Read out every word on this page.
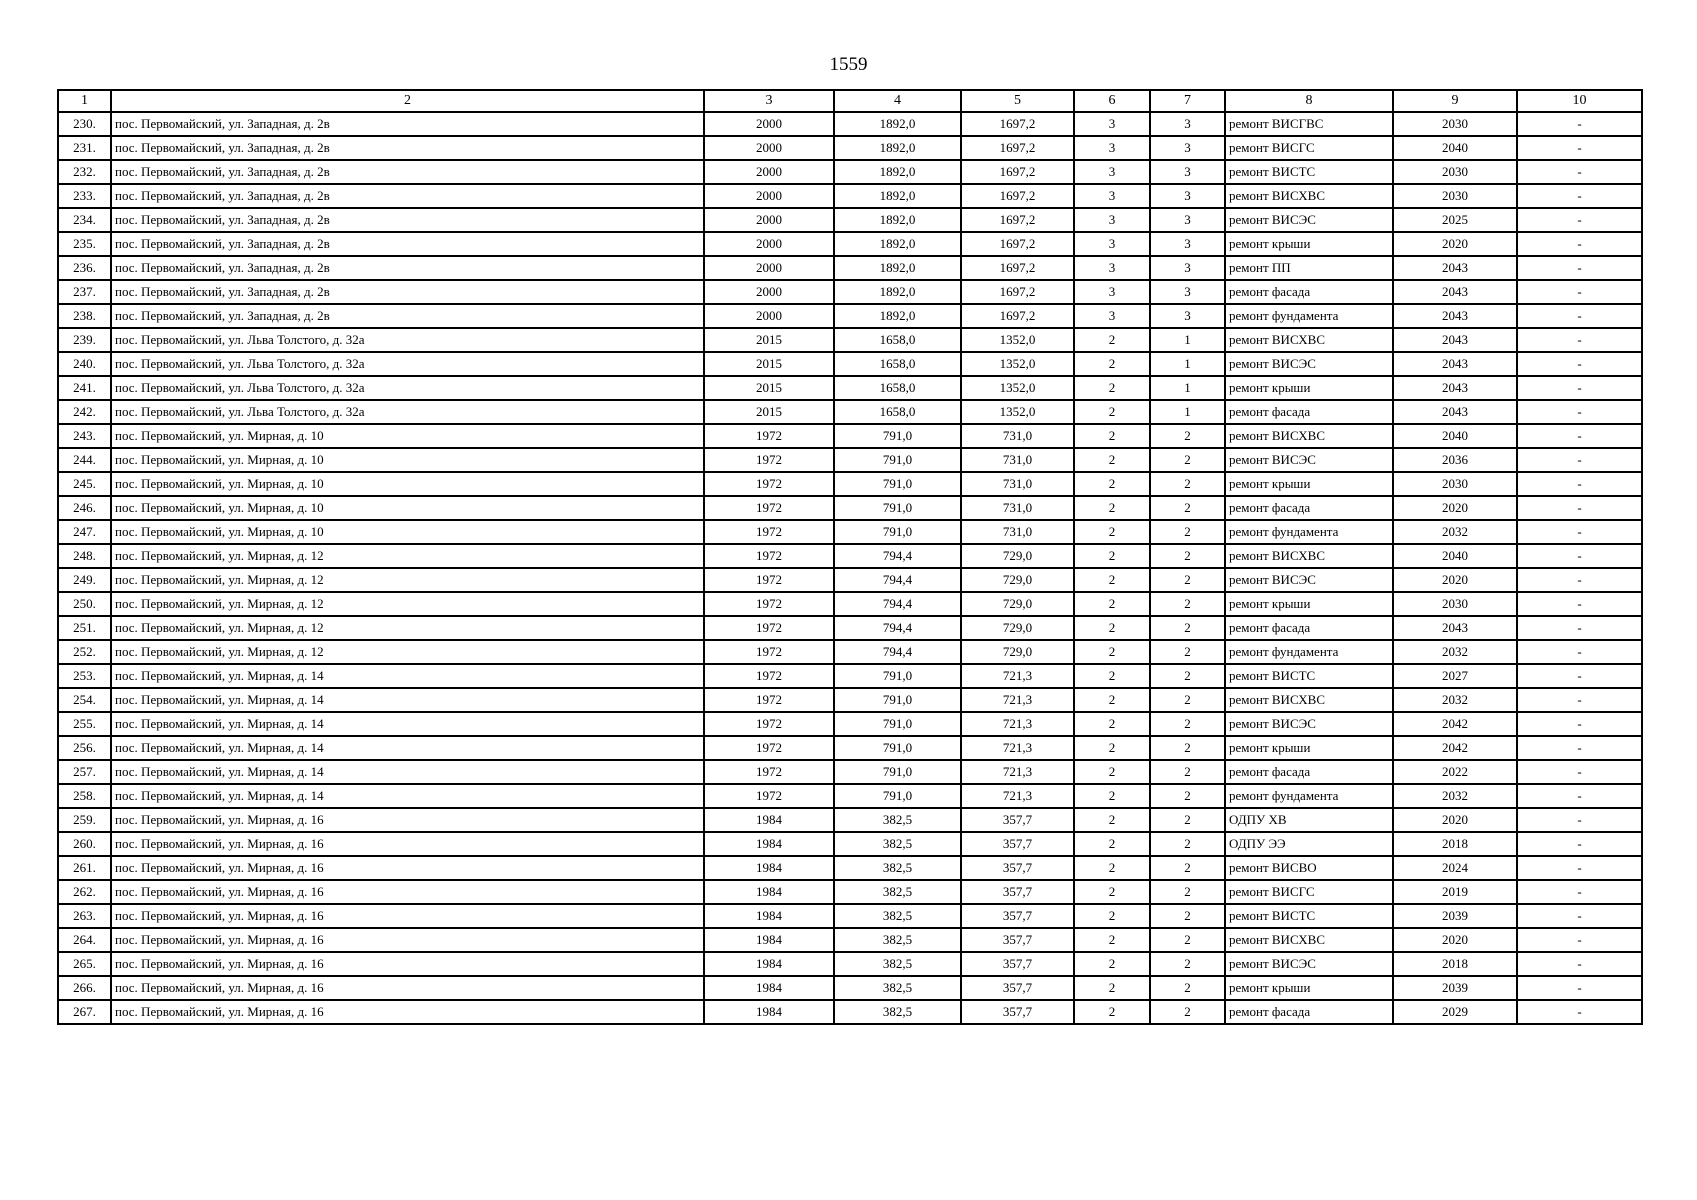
1559
1	2	3	4	5	6	7	8	9	10
230.	пос. Первомайский, ул. Западная, д. 2в	2000	1892,0	1697,2	3	3	ремонт ВИСГВС	2030	-
231.	пос. Первомайский, ул. Западная, д. 2в	2000	1892,0	1697,2	3	3	ремонт ВИСГС	2040	-
232.	пос. Первомайский, ул. Западная, д. 2в	2000	1892,0	1697,2	3	3	ремонт ВИСТС	2030	-
233.	пос. Первомайский, ул. Западная, д. 2в	2000	1892,0	1697,2	3	3	ремонт ВИСХВС	2030	-
234.	пос. Первомайский, ул. Западная, д. 2в	2000	1892,0	1697,2	3	3	ремонт ВИСЭС	2025	-
235.	пос. Первомайский, ул. Западная, д. 2в	2000	1892,0	1697,2	3	3	ремонт крыши	2020	-
236.	пос. Первомайский, ул. Западная, д. 2в	2000	1892,0	1697,2	3	3	ремонт ПП	2043	-
237.	пос. Первомайский, ул. Западная, д. 2в	2000	1892,0	1697,2	3	3	ремонт фасада	2043	-
238.	пос. Первомайский, ул. Западная, д. 2в	2000	1892,0	1697,2	3	3	ремонт фундамента	2043	-
239.	пос. Первомайский, ул. Льва Толстого, д. 32а	2015	1658,0	1352,0	2	1	ремонт ВИСХВС	2043	-
240.	пос. Первомайский, ул. Льва Толстого, д. 32а	2015	1658,0	1352,0	2	1	ремонт ВИСЭС	2043	-
241.	пос. Первомайский, ул. Льва Толстого, д. 32а	2015	1658,0	1352,0	2	1	ремонт крыши	2043	-
242.	пос. Первомайский, ул. Льва Толстого, д. 32а	2015	1658,0	1352,0	2	1	ремонт фасада	2043	-
243.	пос. Первомайский, ул. Мирная, д. 10	1972	791,0	731,0	2	2	ремонт ВИСХВС	2040	-
244.	пос. Первомайский, ул. Мирная, д. 10	1972	791,0	731,0	2	2	ремонт ВИСЭС	2036	-
245.	пос. Первомайский, ул. Мирная, д. 10	1972	791,0	731,0	2	2	ремонт крыши	2030	-
246.	пос. Первомайский, ул. Мирная, д. 10	1972	791,0	731,0	2	2	ремонт фасада	2020	-
247.	пос. Первомайский, ул. Мирная, д. 10	1972	791,0	731,0	2	2	ремонт фундамента	2032	-
248.	пос. Первомайский, ул. Мирная, д. 12	1972	794,4	729,0	2	2	ремонт ВИСХВС	2040	-
249.	пос. Первомайский, ул. Мирная, д. 12	1972	794,4	729,0	2	2	ремонт ВИСЭС	2020	-
250.	пос. Первомайский, ул. Мирная, д. 12	1972	794,4	729,0	2	2	ремонт крыши	2030	-
251.	пос. Первомайский, ул. Мирная, д. 12	1972	794,4	729,0	2	2	ремонт фасада	2043	-
252.	пос. Первомайский, ул. Мирная, д. 12	1972	794,4	729,0	2	2	ремонт фундамента	2032	-
253.	пос. Первомайский, ул. Мирная, д. 14	1972	791,0	721,3	2	2	ремонт ВИСТС	2027	-
254.	пос. Первомайский, ул. Мирная, д. 14	1972	791,0	721,3	2	2	ремонт ВИСХВС	2032	-
255.	пос. Первомайский, ул. Мирная, д. 14	1972	791,0	721,3	2	2	ремонт ВИСЭС	2042	-
256.	пос. Первомайский, ул. Мирная, д. 14	1972	791,0	721,3	2	2	ремонт крыши	2042	-
257.	пос. Первомайский, ул. Мирная, д. 14	1972	791,0	721,3	2	2	ремонт фасада	2022	-
258.	пос. Первомайский, ул. Мирная, д. 14	1972	791,0	721,3	2	2	ремонт фундамента	2032	-
259.	пос. Первомайский, ул. Мирная, д. 16	1984	382,5	357,7	2	2	ОДПУ ХВ	2020	-
260.	пос. Первомайский, ул. Мирная, д. 16	1984	382,5	357,7	2	2	ОДПУ ЭЭ	2018	-
261.	пос. Первомайский, ул. Мирная, д. 16	1984	382,5	357,7	2	2	ремонт ВИСВО	2024	-
262.	пос. Первомайский, ул. Мирная, д. 16	1984	382,5	357,7	2	2	ремонт ВИСГС	2019	-
263.	пос. Первомайский, ул. Мирная, д. 16	1984	382,5	357,7	2	2	ремонт ВИСТС	2039	-
264.	пос. Первомайский, ул. Мирная, д. 16	1984	382,5	357,7	2	2	ремонт ВИСХВС	2020	-
265.	пос. Первомайский, ул. Мирная, д. 16	1984	382,5	357,7	2	2	ремонт ВИСЭС	2018	-
266.	пос. Первомайский, ул. Мирная, д. 16	1984	382,5	357,7	2	2	ремонт крыши	2039	-
267.	пос. Первомайский, ул. Мирная, д. 16	1984	382,5	357,7	2	2	ремонт фасада	2029	-
